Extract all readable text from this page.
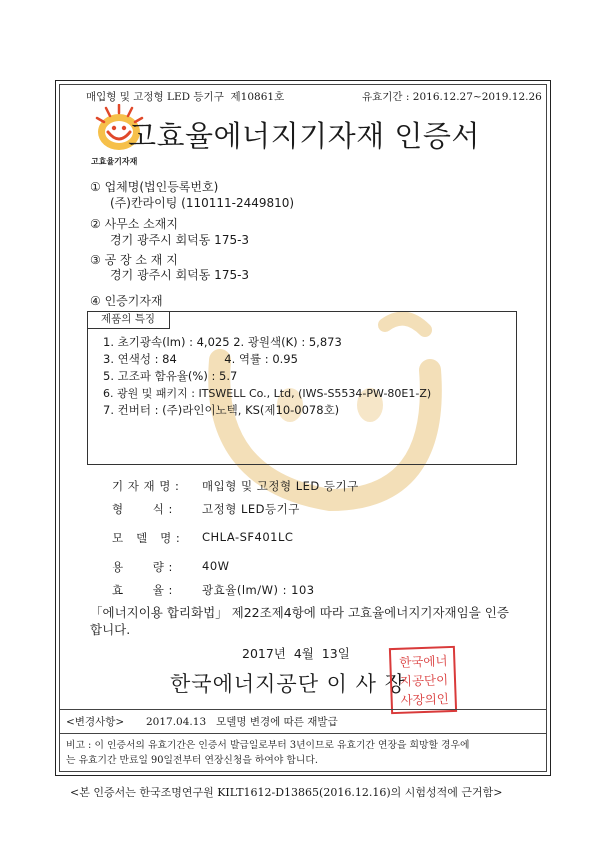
매입형 및 고정형 LED 등기구 제10861호	유효기간 : 2016.12.27~2019.12.26
고효율기자재
고효율에너지기자재 인증서
① 업체명(법인등록번호)
(주)칸라이팅 (110111-2449810)
② 사무소 소재지
경기 광주시 회덕동 175-3
③ 공 장 소 재 지
경기 광주시 회덕동 175-3
④ 인증기자재
제품의 특징
1. 초기광속(lm) : 4,025 2. 광원색(K) : 5,873
3. 연색성 : 84             4. 역률 : 0.95
5. 고조파 함유율(%) : 5.7
6. 광원 및 패키지 : ITSWELL Co., Ltd, (IWS-S5534-PW-80E1-Z)
7. 컨버터 : (주)라인이노텍, KS(제10-0078호)
기 자 재 명 : 매입형 및 고정형 LED 등기구
형       식 :	고정형 LED등기구
모   델   명 : CHLA-SF401LC
용       량 :	40W
효       율 :	광효율(lm/W) : 103
「에너지이용 합리화법」 제22조제4항에 따라 고효율에너지기자재임을 인증
합니다.
2017년  4월  13일
한국에너지공단 이 사 장
한국에너
지공단이
사장의인
<변경사항> 2017.04.13   모델명 변경에 따른 재발급
비고 : 이 인증서의 유효기간은 인증서 발급일로부터 3년이므로 유효기간 연장을 희망할 경우에
는 유효기간 만료일 90일전부터 연장신청을 하여야 합니다.
<본 인증서는 한국조명연구원 KILT1612-D13865(2016.12.16)의 시험성적에 근거함>
